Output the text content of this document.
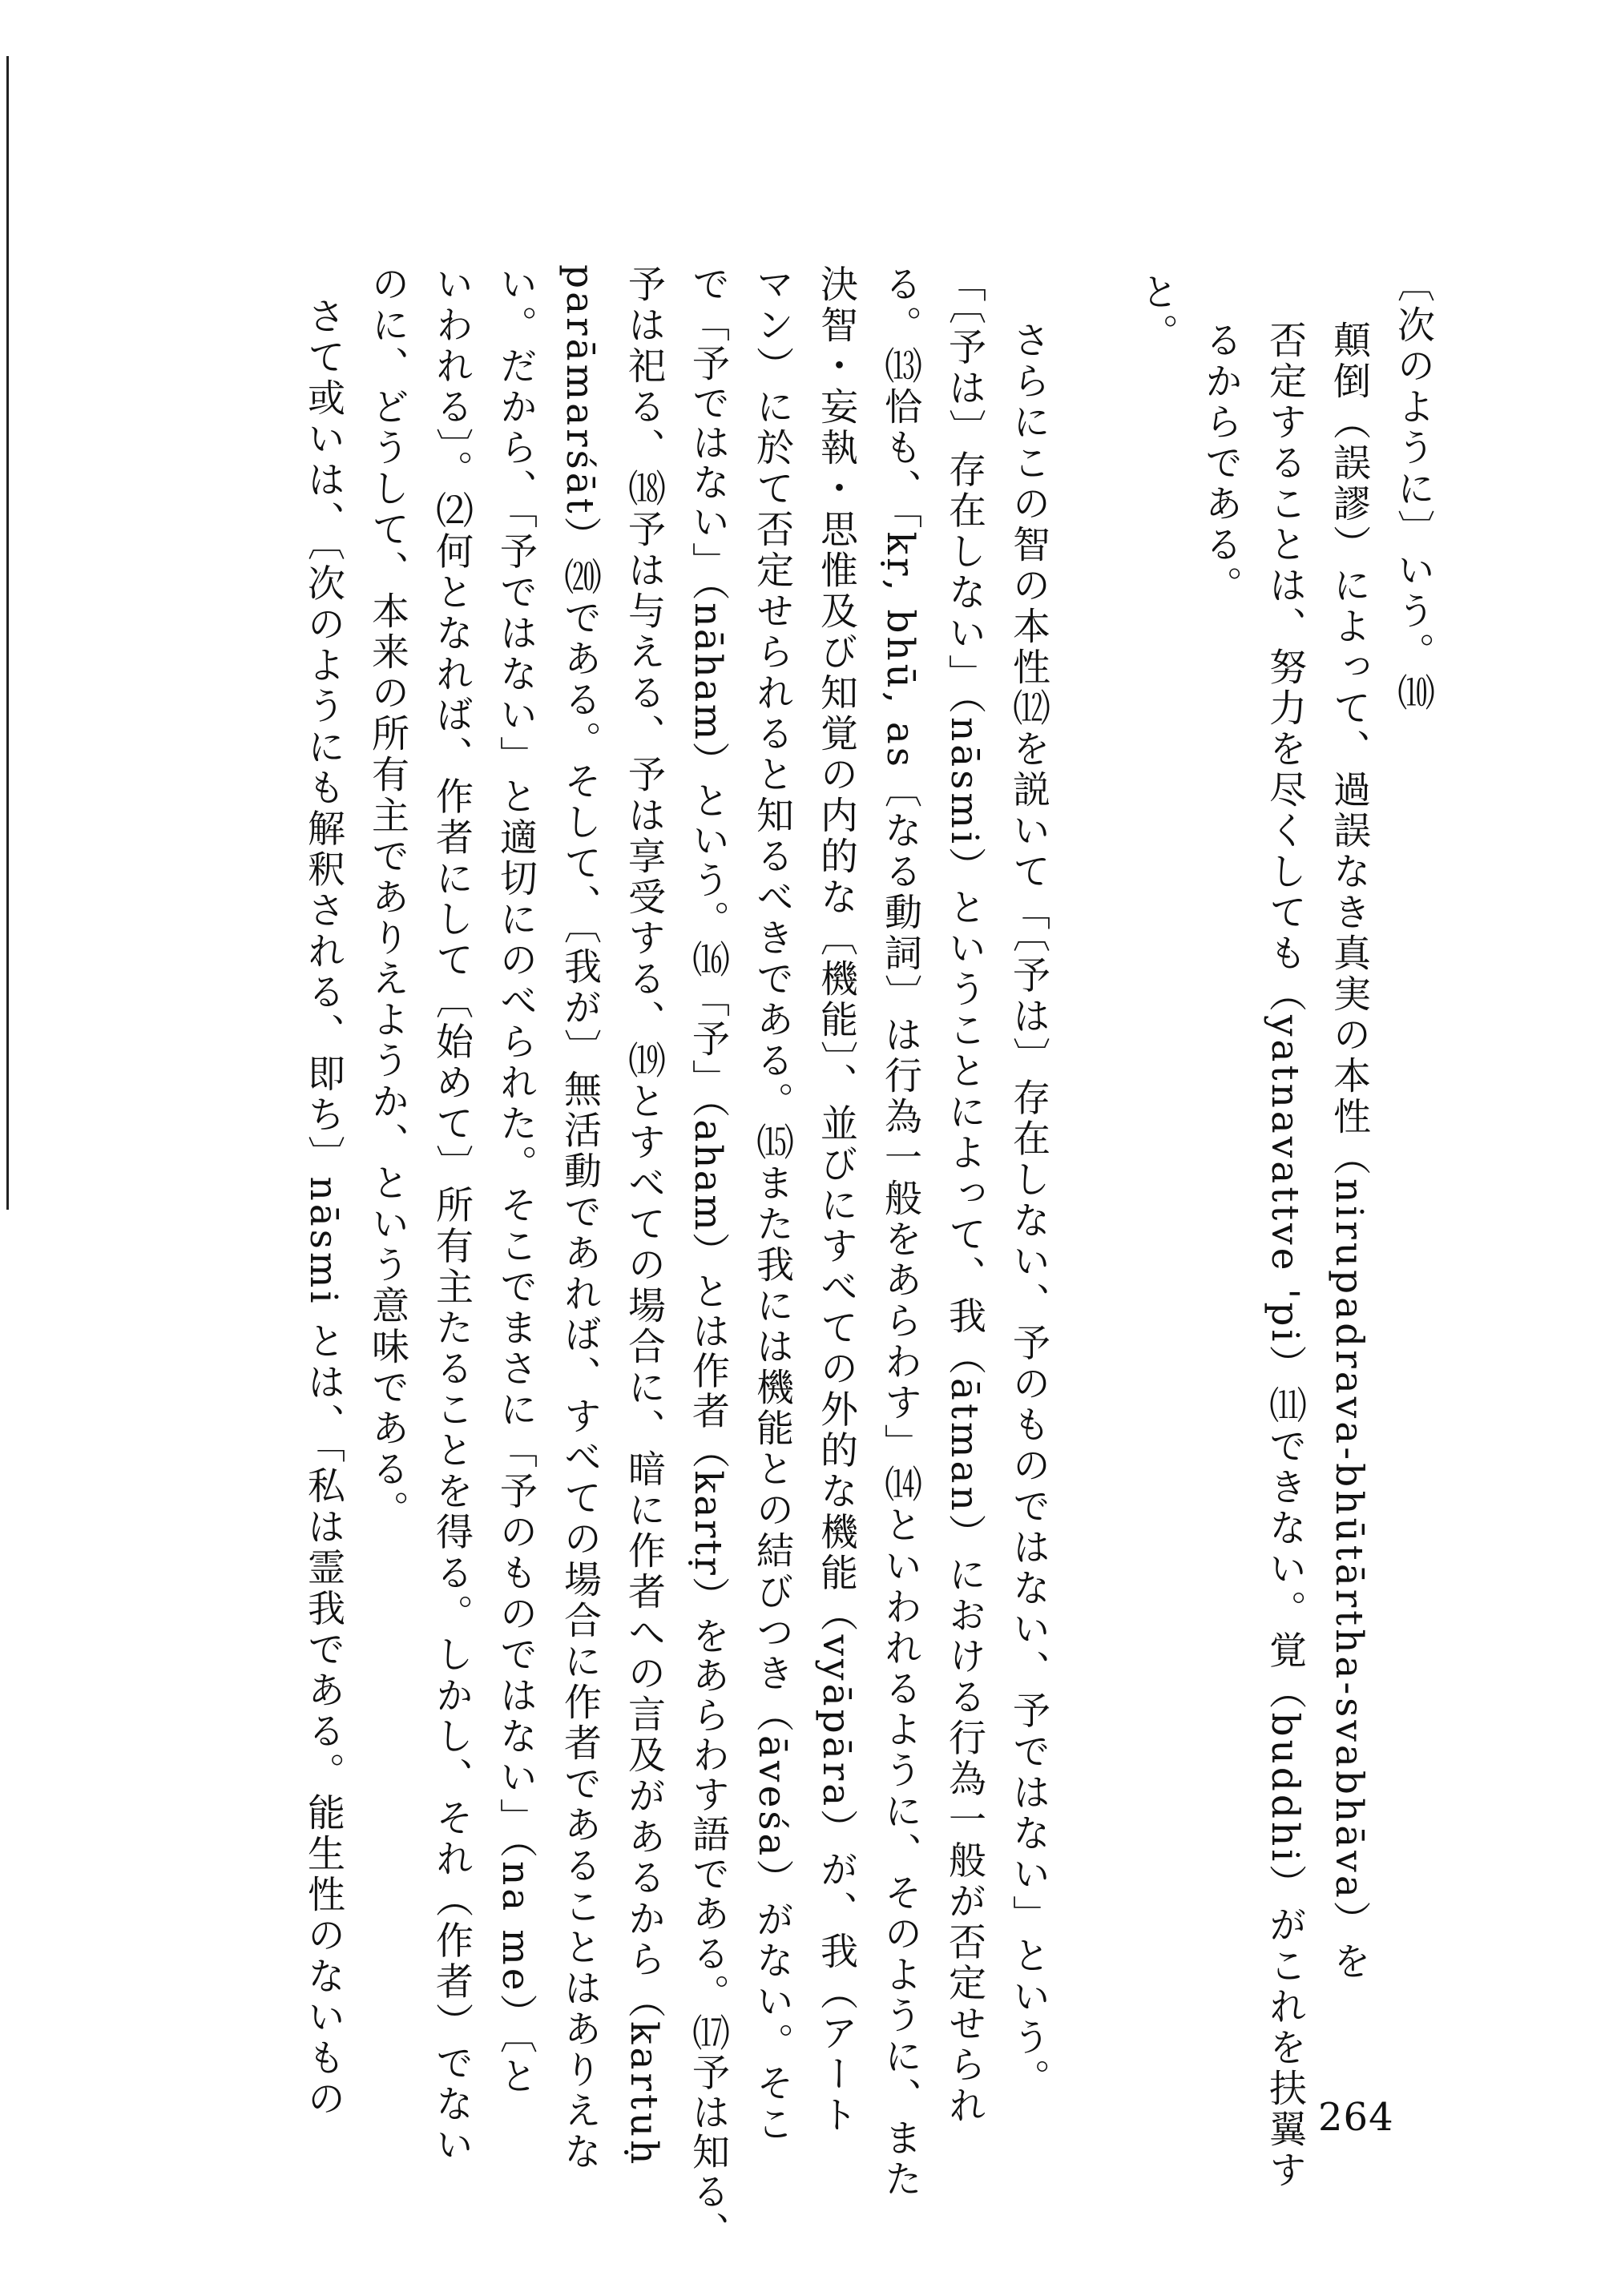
〔次のように〕いう。⑽
顛倒（誤謬）によって、過誤なき真実の本性（nirupadrava-bhūtārtha-svabhāva）を
否定することは、努力を尽くしても（yatnavattve 'pi）⑾できない。覚（buddhi）がこれを扶翼す
るからである。
と。
さらにこの智の本性⑿を説いて「〔予は〕存在しない、予のものではない、予ではない」という。
「〔予は〕存在しない」（nāsmi）ということによって、我（ātman）における行為一般が否定せられ
る。⒀恰も、「kṛ, bhū, as〔なる動詞〕は行為一般をあらわす」⒁といわれるように、そのように、また
決智・妄執・思惟及び知覚の内的な〔機能〕、並びにすべての外的な機能（vyāpāra）が、我（アート
マン）に於て否定せられると知るべきである。⒂また我には機能との結びつき（āveśa）がない。そこ
で「予ではない」（nāham）という。⒃「予」（aham）とは作者（kartṛ）をあらわす語である。⒄予は知る、
予は祀る、⒅予は与える、予は享受する、⒆とすべての場合に、暗に作者への言及があるから（kartuḥ
parāmarśāt）⒇である。そして、〔我が〕無活動であれば、すべての場合に作者であることはありえな
い。だから、「予ではない」と適切にのべられた。そこでまさに「予のものではない」（na me）〔と
いわれる〕。⑵何となれば、作者にして〔始めて〕所有主たることを得る。しかし、それ（作者）でない
のに、どうして、本来の所有主でありえようか、という意味である。
さて或いは、〔次のようにも解釈される、即ち〕nāsmi とは、「私は霊我である。能生性のないもの	264
